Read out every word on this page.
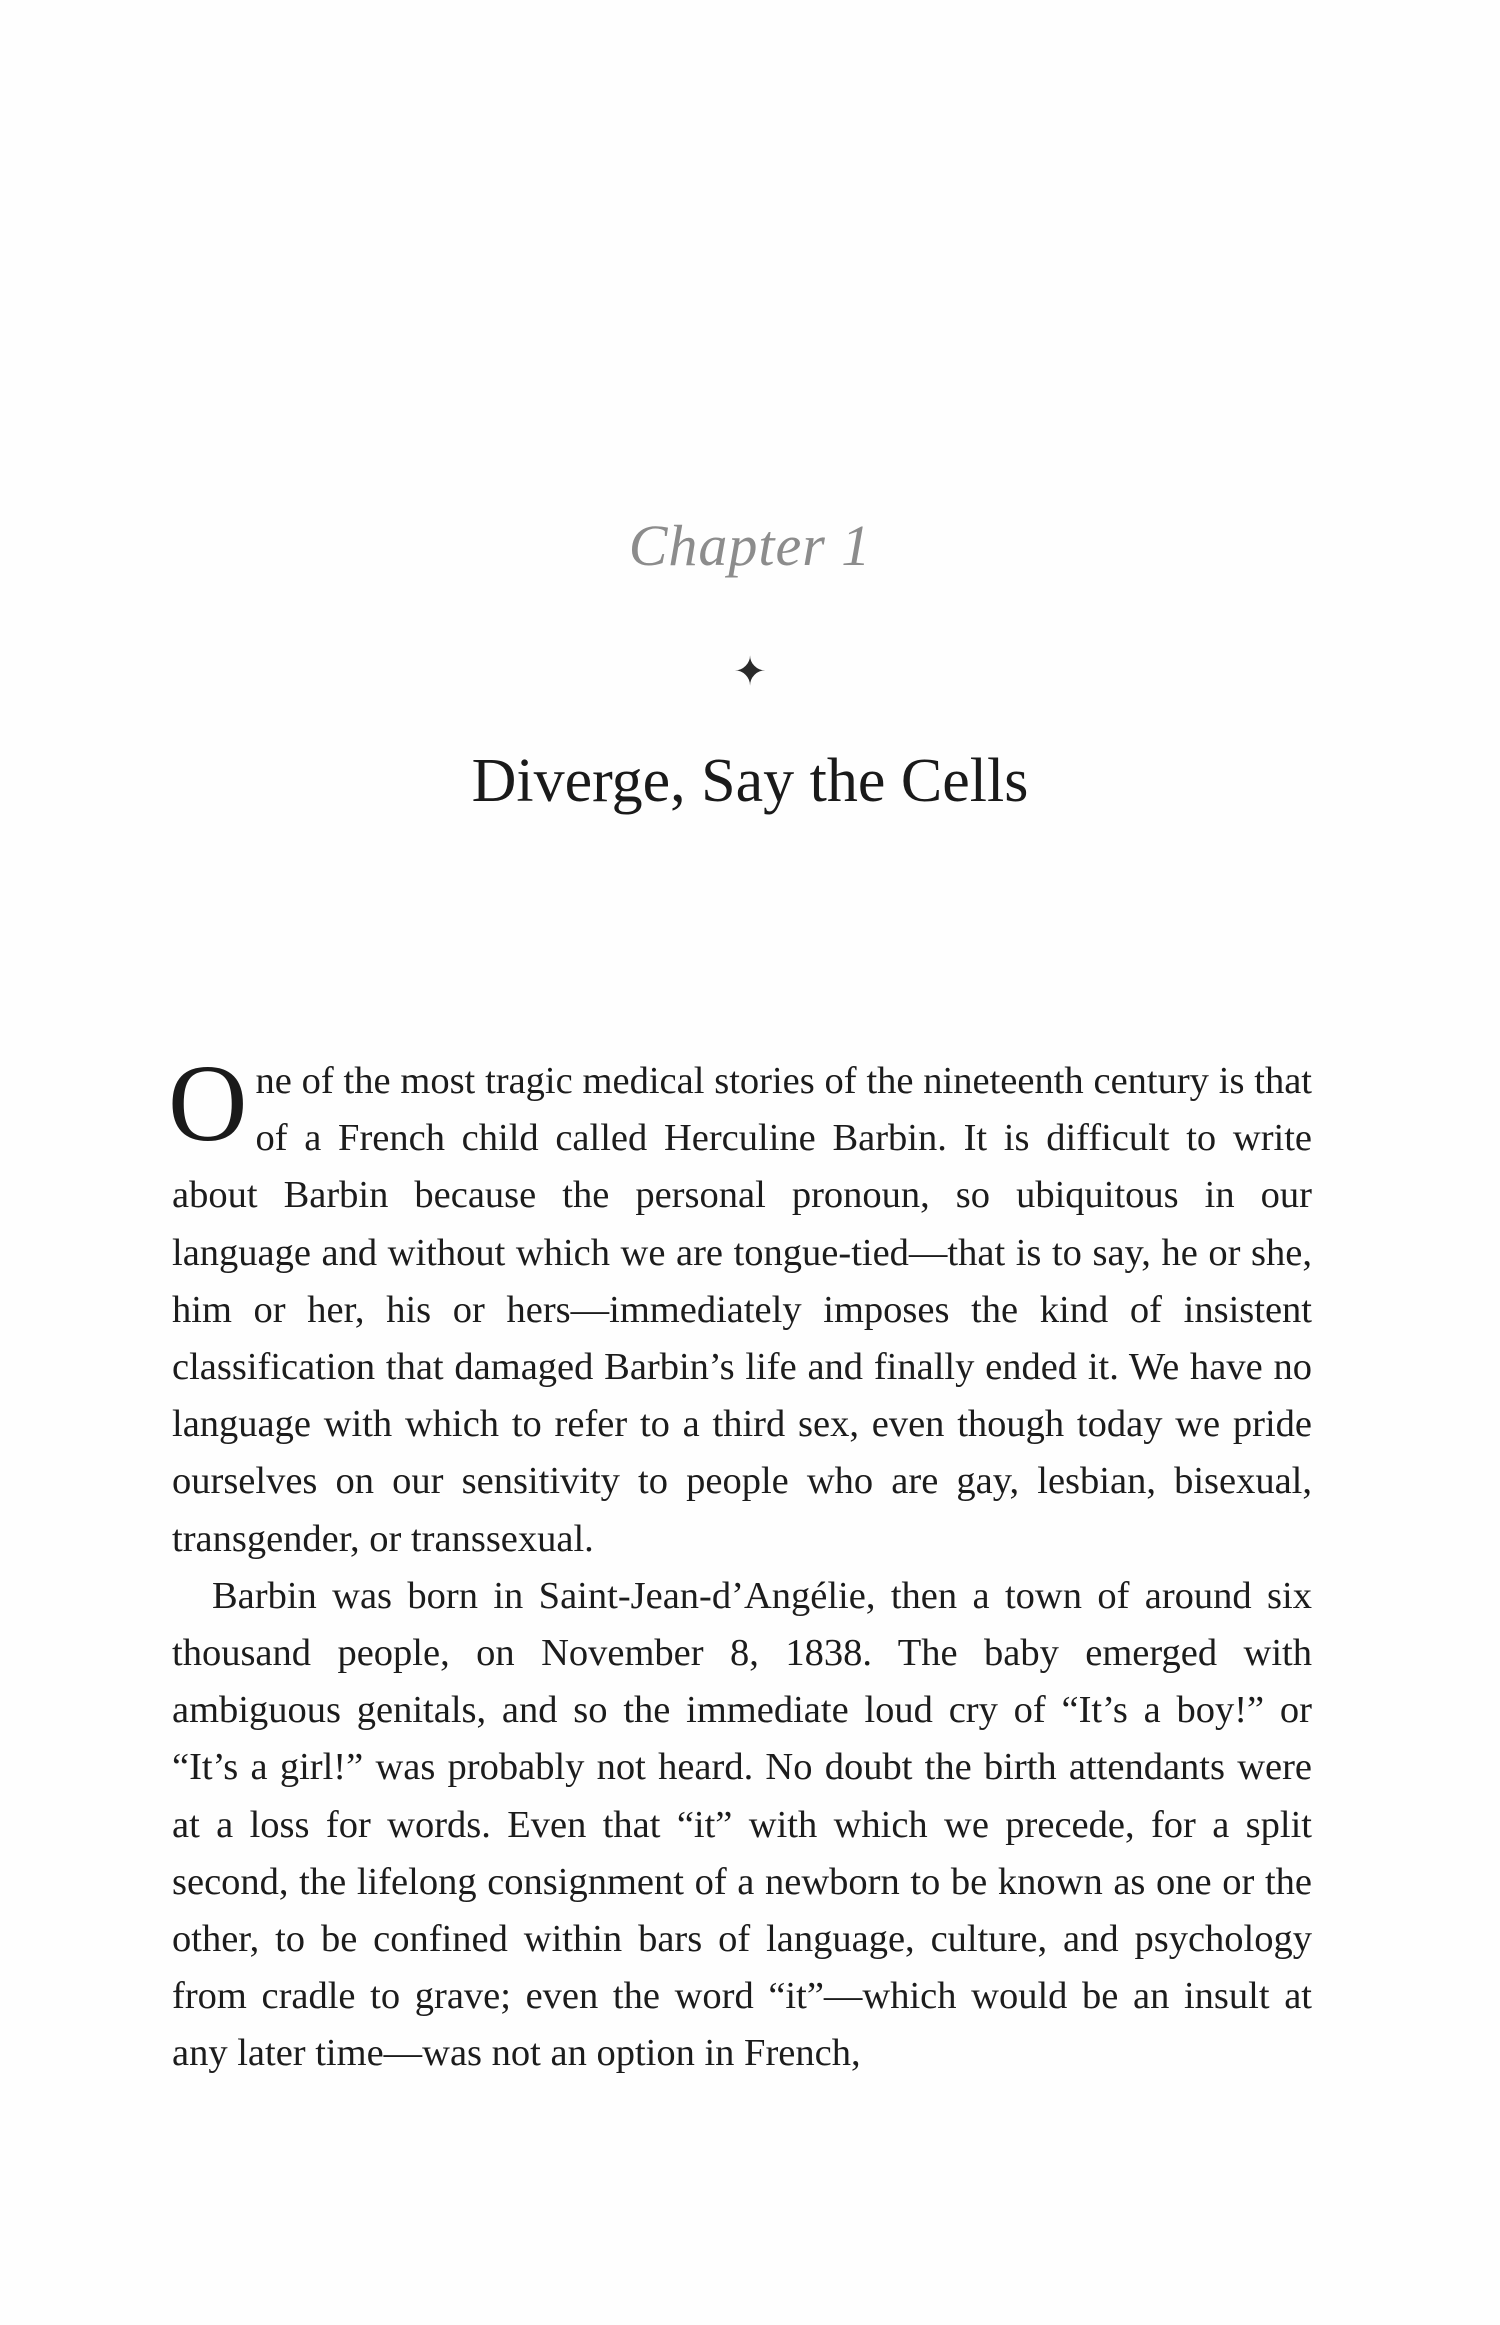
Chapter 1
✦
Diverge, Say the Cells

One of the most tragic medical stories of the nineteenth century is that of a French child called Herculine Barbin. It is difficult to write about Barbin because the personal pronoun, so ubiquitous in our language and without which we are tongue-tied—that is to say, he or she, him or her, his or hers—immediately imposes the kind of insistent classification that damaged Barbin’s life and finally ended it. We have no language with which to refer to a third sex, even though today we pride ourselves on our sensitivity to people who are gay, lesbian, bisexual, transgender, or transsexual.

Barbin was born in Saint-Jean-d’Angélie, then a town of around six thousand people, on November 8, 1838. The baby emerged with ambiguous genitals, and so the immediate loud cry of “It’s a boy!” or “It’s a girl!” was probably not heard. No doubt the birth attendants were at a loss for words. Even that “it” with which we precede, for a split second, the lifelong consignment of a newborn to be known as one or the other, to be confined within bars of language, culture, and psychology from cradle to grave; even the word “it”—which would be an insult at any later time—was not an option in French,
